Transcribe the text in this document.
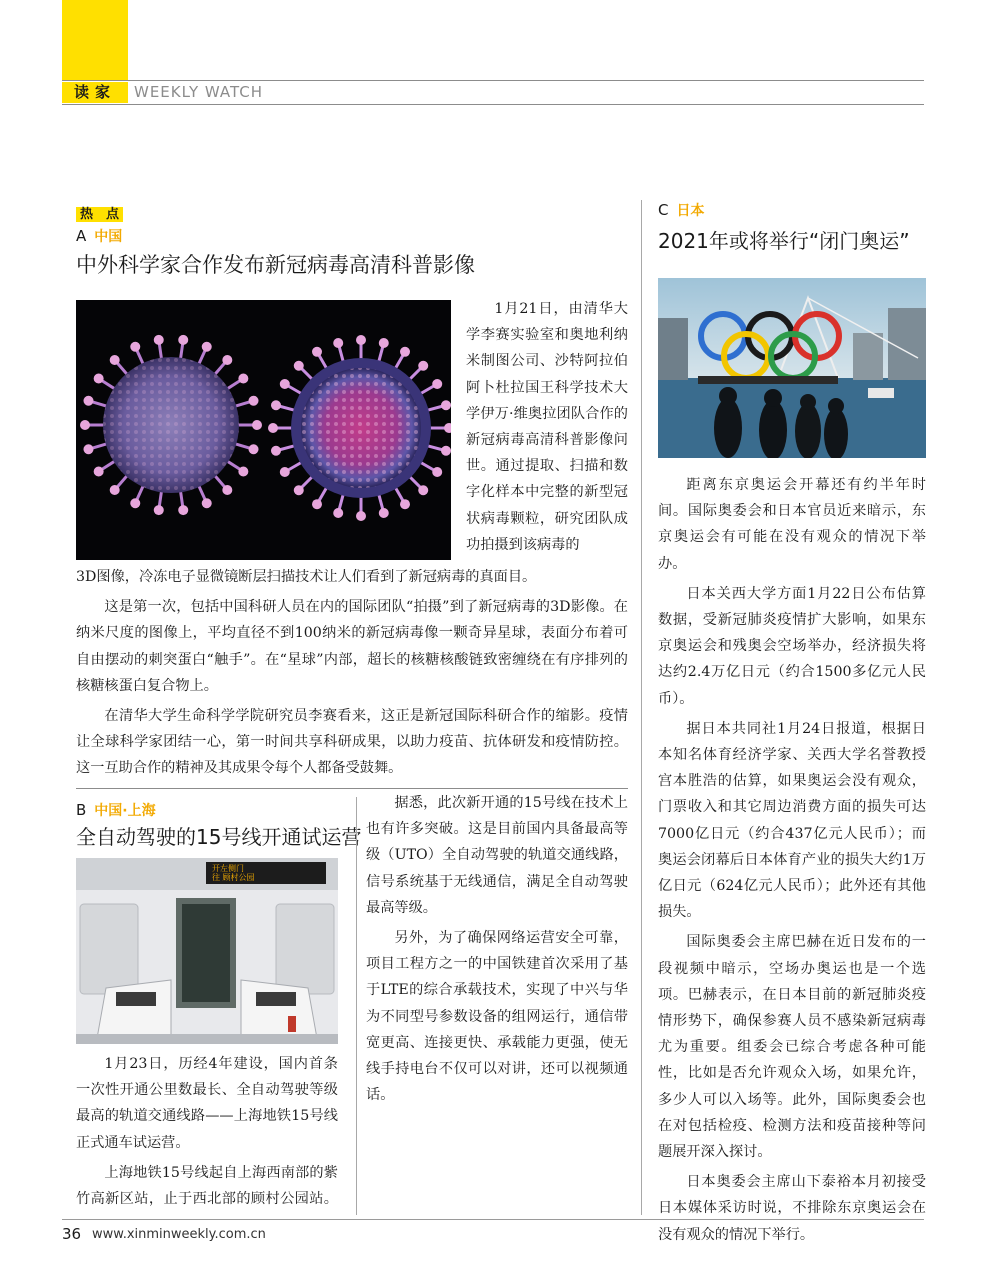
读家	WEEKLY WATCH
热　点
A 中国
中外科学家合作发布新冠病毒高清科普影像

1月21日，由清华大学李赛实验室和奥地利纳米制图公司、沙特阿拉伯阿卜杜拉国王科学技术大学伊万·维奥拉团队合作的新冠病毒高清科普影像问世。通过提取、扫描和数字化样本中完整的新型冠状病毒颗粒，研究团队成功拍摄到该病毒的

3D图像，冷冻电子显微镜断层扫描技术让人们看到了新冠病毒的真面目。

这是第一次，包括中国科研人员在内的国际团队“拍摄”到了新冠病毒的3D影像。在纳米尺度的图像上，平均直径不到100纳米的新冠病毒像一颗奇异星球，表面分布着可自由摆动的刺突蛋白“触手”。在“星球”内部，超长的核糖核酸链致密缠绕在有序排列的核糖核蛋白复合物上。

在清华大学生命科学学院研究员李赛看来，这正是新冠国际科研合作的缩影。疫情让全球科学家团结一心，第一时间共享科研成果，以助力疫苗、抗体研发和疫情防控。这一互助合作的精神及其成果令每个人都备受鼓舞。

B 中国·上海
全自动驾驶的15号线开通试运营
开左侧门
往 顾村公园

1月23日，历经4年建设，国内首条一次性开通公里数最长、全自动驾驶等级最高的轨道交通线路——上海地铁15号线正式通车试运营。

上海地铁15号线起自上海西南部的紫竹高新区站，止于西北部的顾村公园站。

据悉，此次新开通的15号线在技术上也有许多突破。这是目前国内具备最高等级（UTO）全自动驾驶的轨道交通线路，信号系统基于无线通信，满足全自动驾驶最高等级。

另外，为了确保网络运营安全可靠，项目工程方之一的中国铁建首次采用了基于LTE的综合承载技术，实现了中兴与华为不同型号参数设备的组网运行，通信带宽更高、连接更快、承载能力更强，使无线手持电台不仅可以对讲，还可以视频通话。

C 日本
2021年或将举行“闭门奥运”

距离东京奥运会开幕还有约半年时间。国际奥委会和日本官员近来暗示，东京奥运会有可能在没有观众的情况下举办。

日本关西大学方面1月22日公布估算数据，受新冠肺炎疫情扩大影响，如果东京奥运会和残奥会空场举办，经济损失将达约2.4万亿日元（约合1500多亿元人民币）。

据日本共同社1月24日报道，根据日本知名体育经济学家、关西大学名誉教授宫本胜浩的估算，如果奥运会没有观众，门票收入和其它周边消费方面的损失可达7000亿日元（约合437亿元人民币）；而奥运会闭幕后日本体育产业的损失大约1万亿日元（624亿元人民币）；此外还有其他损失。

国际奥委会主席巴赫在近日发布的一段视频中暗示，空场办奥运也是一个选项。巴赫表示，在日本目前的新冠肺炎疫情形势下，确保参赛人员不感染新冠病毒尤为重要。组委会已综合考虑各种可能性，比如是否允许观众入场，如果允许，多少人可以入场等。此外，国际奥委会也在对包括检疫、检测方法和疫苗接种等问题展开深入探讨。

日本奥委会主席山下泰裕本月初接受日本媒体采访时说，不排除东京奥运会在没有观众的情况下举行。

36 www.xinminweekly.com.cn
